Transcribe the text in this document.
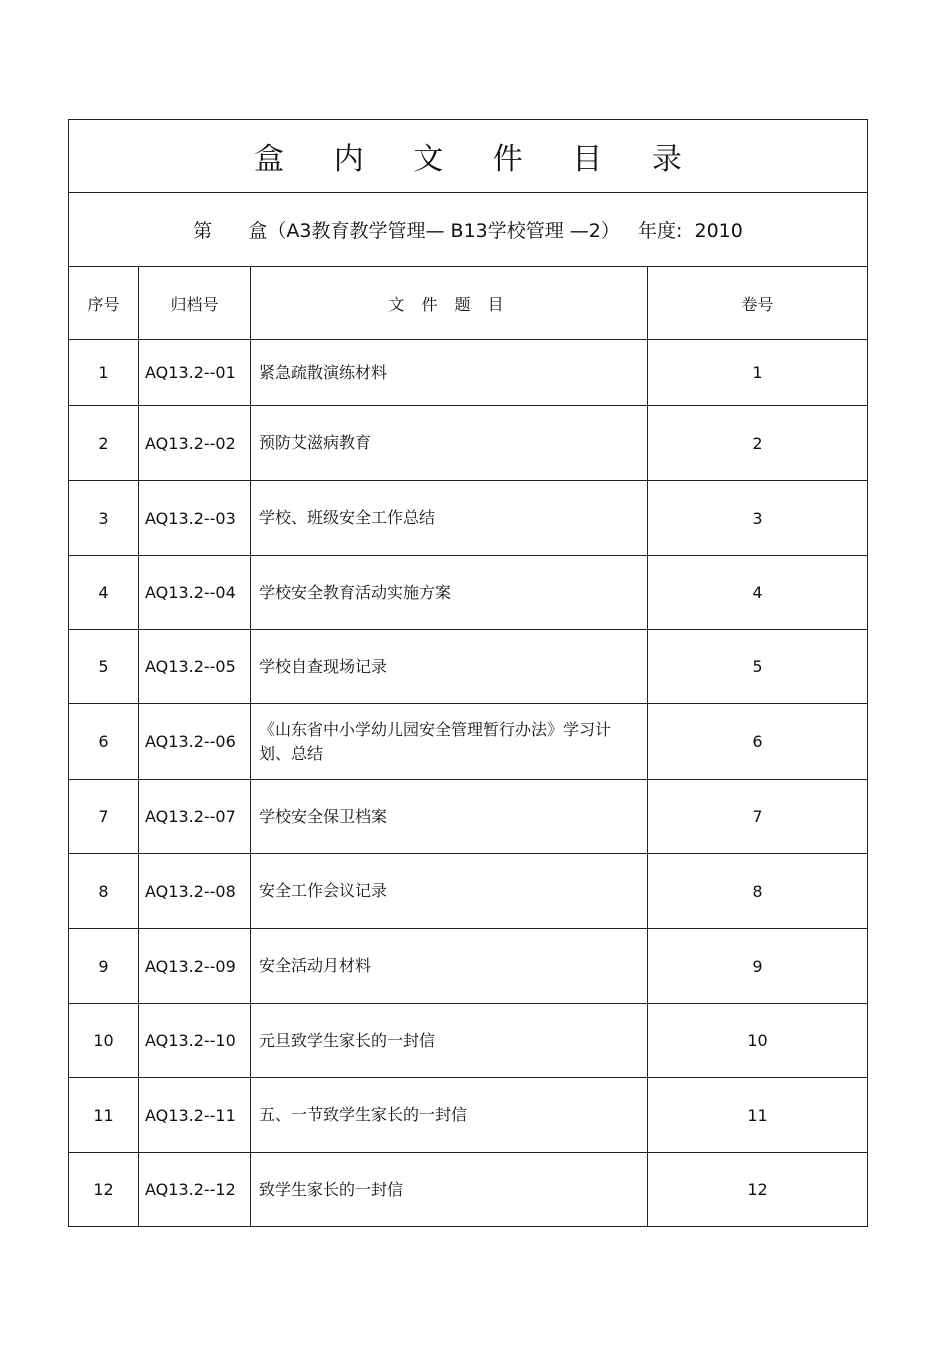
盒 内 文 件 目 录			
第 盒（A3教育教学管理— B13学校管理 —2） 年度: 2010			
序号	归档号	文 件 题 目	卷号
1	AQ13.2--01	紧急疏散演练材料	1
2	AQ13.2--02	预防艾滋病教育	2
3	AQ13.2--03	学校、班级安全工作总结	3
4	AQ13.2--04	学校安全教育活动实施方案	4
5	AQ13.2--05	学校自查现场记录	5
6	AQ13.2--06	《山东省中小学幼儿园安全管理暂行办法》学习计划、总结	6
7	AQ13.2--07	学校安全保卫档案	7
8	AQ13.2--08	安全工作会议记录	8
9	AQ13.2--09	安全活动月材料	9
10	AQ13.2--10	元旦致学生家长的一封信	10
11	AQ13.2--11	五、一节致学生家长的一封信	11
12	AQ13.2--12	致学生家长的一封信	12
